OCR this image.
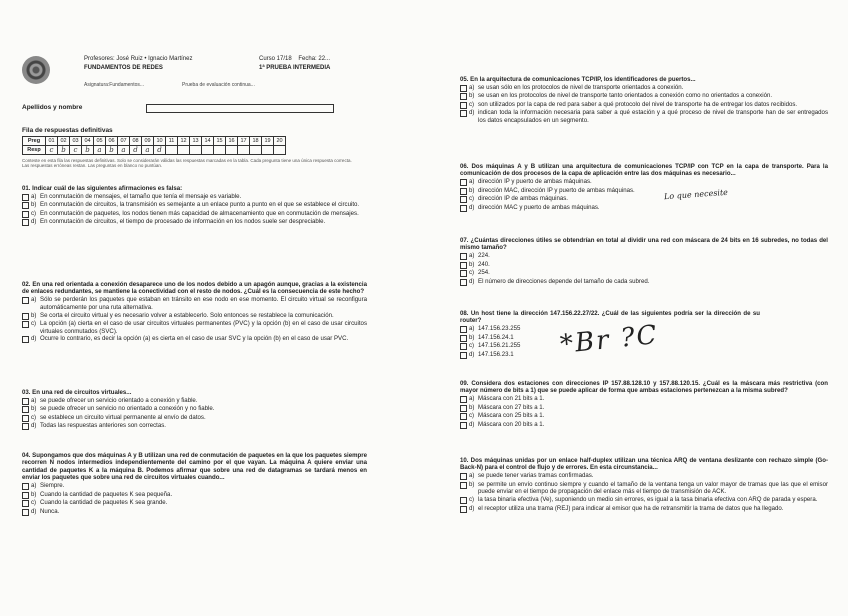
Profesores: José Ruiz • Ignacio Martínez
FUNDAMENTOS DE REDES
Curso 17/18 Fecha: 22...
1ª PRUEBA INTERMEDIA
Asignatura:Fundamentos...	Prueba de evaluación continua...
Apellidos y nombre
Fila de respuestas definitivas
Preg	01	02	03	04	05	06	07	08	09	10	11	12	13	14	15	16	17	18	19	20
Resp	c	b	c	b	a	b	a	d	a	d										
Conteste en esta fila las respuestas definitivas. Solo se considerarán válidas las respuestas marcadas en la tabla. Cada pregunta tiene una única respuesta correcta. Las respuestas erróneas restan. Las preguntas en blanco no puntúan.
01. Indicar cuál de las siguientes afirmaciones es falsa:
a) En conmutación de mensajes, el tamaño que tenía el mensaje es variable.
b) En conmutación de circuitos, la transmisión es semejante a un enlace punto a punto en el que se establece el circuito.
c) En conmutación de paquetes, los nodos tienen más capacidad de almacenamiento que en conmutación de mensajes.
d) En conmutación de circuitos, el tiempo de procesado de información en los nodos suele ser despreciable.
02. En una red orientada a conexión desaparece uno de los nodos debido a un apagón aunque, gracias a la existencia de enlaces redundantes, se mantiene la conectividad con el resto de nodos. ¿Cuál es la consecuencia de este hecho?
a) Sólo se perderán los paquetes que estaban en tránsito en ese nodo en ese momento. El circuito virtual se reconfigura automáticamente por una ruta alternativa.
b) Se corta el circuito virtual y es necesario volver a establecerlo. Solo entonces se restablece la comunicación.
c) La opción (a) cierta en el caso de usar circuitos virtuales permanentes (PVC) y la opción (b) en el caso de usar circuitos virtuales conmutados (SVC).
d) Ocurre lo contrario, es decir la opción (a) es cierta en el caso de usar SVC y la opción (b) en el caso de usar PVC.
03. En una red de circuitos virtuales...
a) se puede ofrecer un servicio orientado a conexión y fiable.
b) se puede ofrecer un servicio no orientado a conexión y no fiable.
c) se establece un circuito virtual permanente al envío de datos.
d) Todas las respuestas anteriores son correctas.
04. Supongamos que dos máquinas A y B utilizan una red de conmutación de paquetes en la que los paquetes siempre recorren N nodos intermedios independientemente del camino por el que vayan. La máquina A quiere enviar una cantidad de paquetes K a la máquina B. Podemos afirmar que sobre una red de datagramas se tardará menos en enviar los paquetes que sobre una red de circuitos virtuales cuando...
a) Siempre.
b) Cuando la cantidad de paquetes K sea pequeña.
c) Cuando la cantidad de paquetes K sea grande.
d) Nunca.
05. En la arquitectura de comunicaciones TCP/IP, los identificadores de puertos...
a) se usan sólo en los protocolos de nivel de transporte orientados a conexión.
b) se usan en los protocolos de nivel de transporte tanto orientados a conexión como no orientados a conexión.
c) son utilizados por la capa de red para saber a qué protocolo del nivel de transporte ha de entregar los datos recibidos.
d) indican toda la información necesaria para saber a qué estación y a qué proceso de nivel de transporte han de ser entregados los datos encapsulados en un segmento.
06. Dos máquinas A y B utilizan una arquitectura de comunicaciones TCP/IP con TCP en la capa de transporte. Para la comunicación de dos procesos de la capa de aplicación entre las dos máquinas es necesario...
a) dirección IP y puerto de ambas máquinas.
b) dirección MAC, dirección IP y puerto de ambas máquinas.
c) dirección IP de ambas máquinas.
d) dirección MAC y puerto de ambas máquinas.
07. ¿Cuántas direcciones útiles se obtendrían en total al dividir una red con máscara de 24 bits en 16 subredes, no todas del mismo tamaño?
a) 224.
b) 240.
c) 254.
d) El número de direcciones depende del tamaño de cada subred.
08. Un host tiene la dirección 147.156.22.27/22. ¿Cuál de las siguientes podría ser la dirección de su router?
a) 147.156.23.255
b) 147.156.24.1
c) 147.156.21.255
d) 147.156.23.1
09. Considera dos estaciones con direcciones IP 157.88.128.10 y 157.88.120.15. ¿Cuál es la máscara más restrictiva (con mayor número de bits a 1) que se puede aplicar de forma que ambas estaciones pertenezcan a la misma subred?
a) Máscara con 21 bits a 1.
b) Máscara con 27 bits a 1.
c) Máscara con 25 bits a 1.
d) Máscara con 20 bits a 1.
10. Dos máquinas unidas por un enlace half-duplex utilizan una técnica ARQ de ventana deslizante con rechazo simple (Go-Back-N) para el control de flujo y de errores. En esta circunstancia...
a) se puede tener varias tramas confirmadas.
b) se permite un envío continuo siempre y cuando el tamaño de la ventana tenga un valor mayor de tramas que las que el emisor puede enviar en el tiempo de propagación del enlace más el tiempo de transmisión de ACK.
c) la tasa binaria efectiva (Ve), suponiendo un medio sin errores, es igual a la tasa binaria efectiva con ARQ de parada y espera.
d) el receptor utiliza una trama (REJ) para indicar al emisor que ha de retransmitir la trama de datos que ha llegado.
Lo que necesite
*Br ?C
